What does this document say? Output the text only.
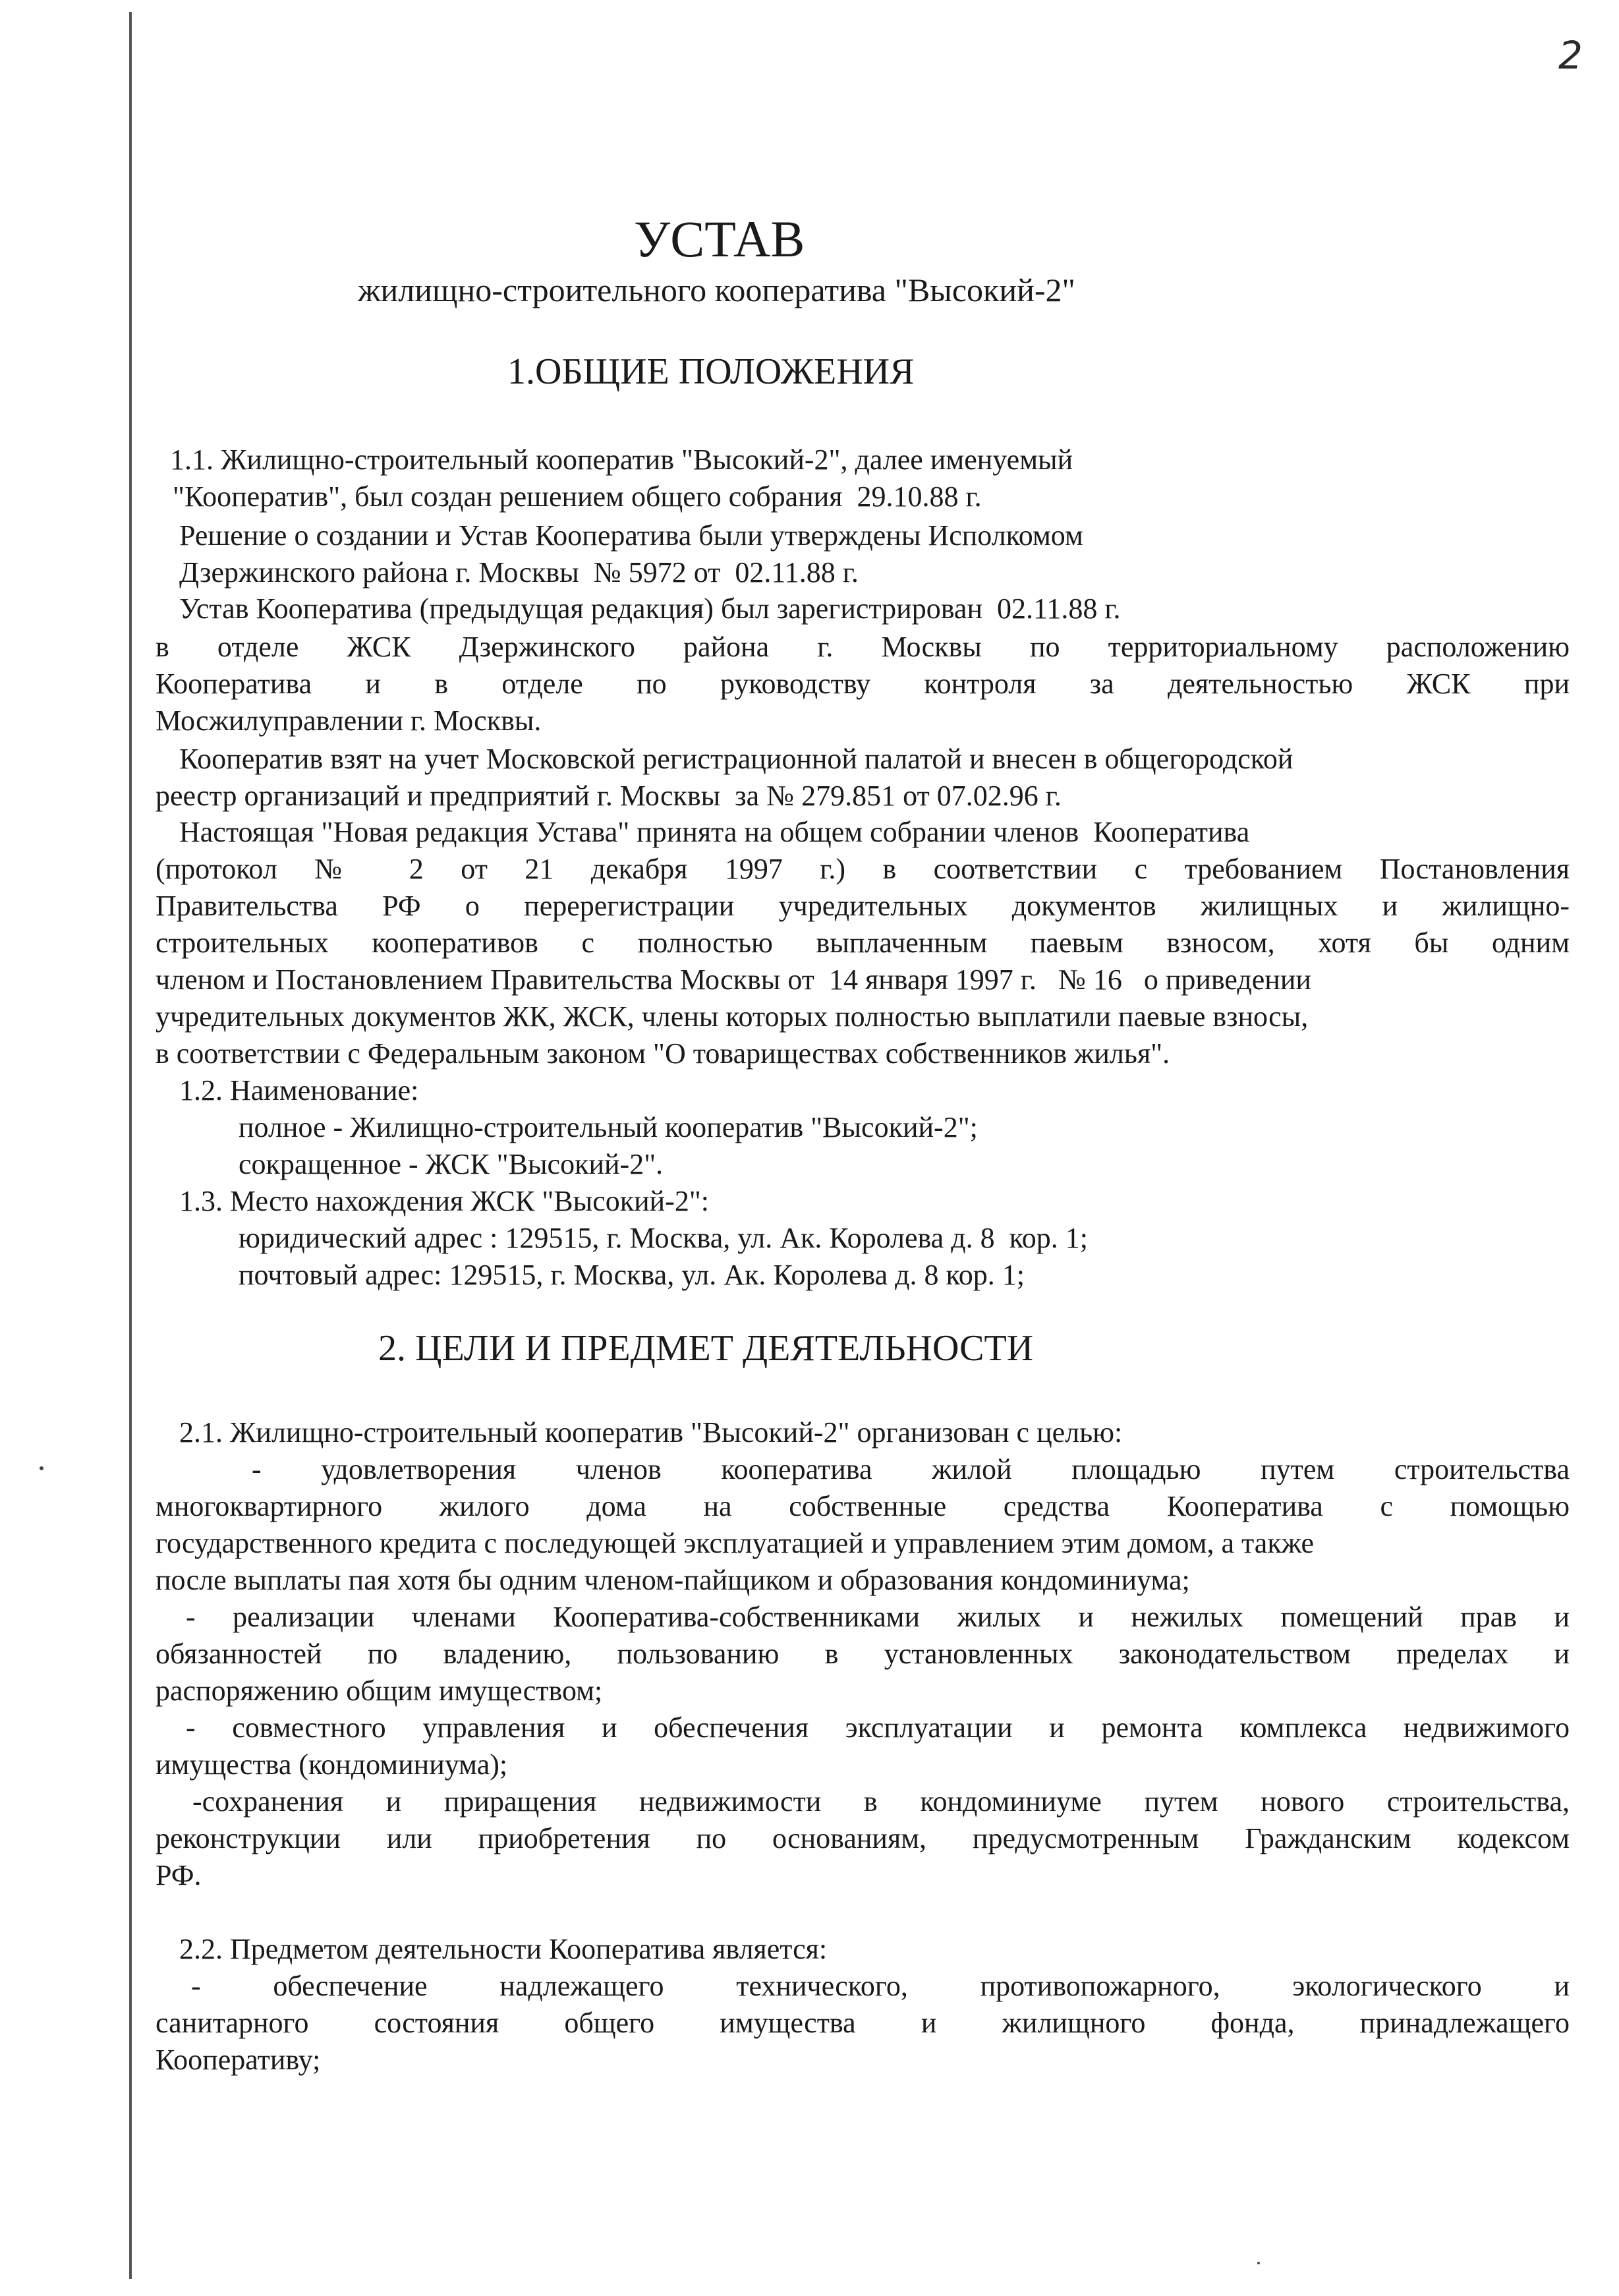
2
УСТАВ
жилищно-строительного кооператива "Высокий-2"
1.ОБЩИЕ ПОЛОЖЕНИЯ
1.1. Жилищно-строительный кооператив "Высокий-2", далее именуемый
"Кооператив", был создан решением общего собрания  29.10.88 г.
Решение о создании и Устав Кооператива были утверждены Исполкомом
Дзержинского района г. Москвы  № 5972 от  02.11.88 г.
Устав Кооператива (предыдущая редакция) был зарегистрирован  02.11.88 г.
в отделе ЖСК Дзержинского района г. Москвы по территориальному расположению
Кооператива и в отделе по руководству контроля за деятельностью ЖСК при
Мосжилуправлении г. Москвы.
Кооператив взят на учет Московской регистрационной палатой и внесен в общегородской
реестр организаций и предприятий г. Москвы  за № 279.851 от 07.02.96 г.
Настоящая "Новая редакция Устава" принята на общем собрании членов  Кооператива
(протокол № 2 от 21 декабря 1997 г.) в соответствии с требованием Постановления
Правительства РФ о перерегистрации учредительных документов жилищных и жилищно-
строительных кооперативов с полностью выплаченным паевым взносом, хотя бы одним
членом и Постановлением Правительства Москвы от  14 января 1997 г.   № 16   о приведении
учредительных документов ЖК, ЖСК, члены которых полностью выплатили паевые взносы,
в соответствии с Федеральным законом "О товариществах собственников жилья".
1.2. Наименование:
полное - Жилищно-строительный кооператив "Высокий-2";
сокращенное - ЖСК "Высокий-2".
1.3. Место нахождения ЖСК "Высокий-2":
юридический адрес : 129515, г. Москва, ул. Ак. Королева д. 8  кор. 1;
почтовый адрес: 129515, г. Москва, ул. Ак. Королева д. 8 кор. 1;
2. ЦЕЛИ И ПРЕДМЕТ ДЕЯТЕЛЬНОСТИ
2.1. Жилищно-строительный кооператив "Высокий-2" организован с целью:
- удовлетворения членов кооператива жилой площадью путем строительства
многоквартирного жилого дома на собственные средства Кооператива с помощью
государственного кредита с последующей эксплуатацией и управлением этим домом, а также
после выплаты пая хотя бы одним членом-пайщиком и образования кондоминиума;
- реализации членами Кооператива-собственниками жилых и нежилых помещений прав и
обязанностей по владению, пользованию в установленных законодательством пределах и
распоряжению общим имуществом;
- совместного управления и обеспечения эксплуатации и ремонта комплекса недвижимого
имущества (кондоминиума);
-сохранения и приращения недвижимости в кондоминиуме путем нового строительства,
реконструкции или приобретения по основаниям, предусмотренным Гражданским кодексом
РФ.
2.2. Предметом деятельности Кооператива является:
- обеспечение надлежащего технического, противопожарного, экологического и
санитарного состояния общего имущества и жилищного фонда, принадлежащего
Кооперативу;
